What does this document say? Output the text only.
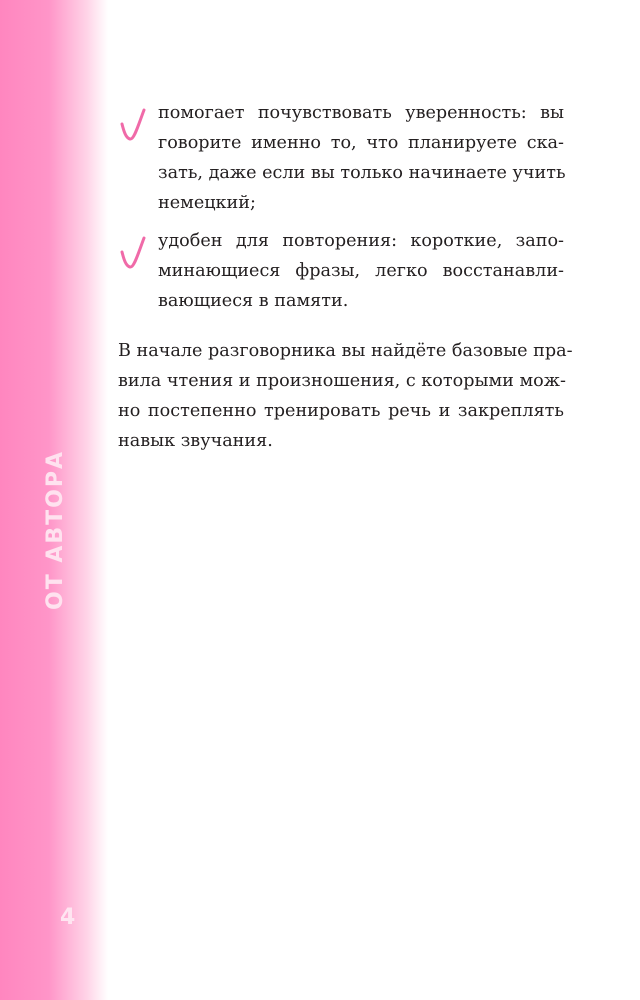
ОТ АВТОРА
4
помогает почувствовать уверенность: вы
говорите именно то, что планируете ска-
зать, даже если вы только начинаете учить
немецкий;
удобен для повторения: короткие, запо-
минающиеся фразы, легко восстанавли-
вающиеся в памяти.
В начале разговорника вы найдёте базовые пра-
вила чтения и произношения, с которыми мож-
но постепенно тренировать речь и закреплять
навык звучания.
